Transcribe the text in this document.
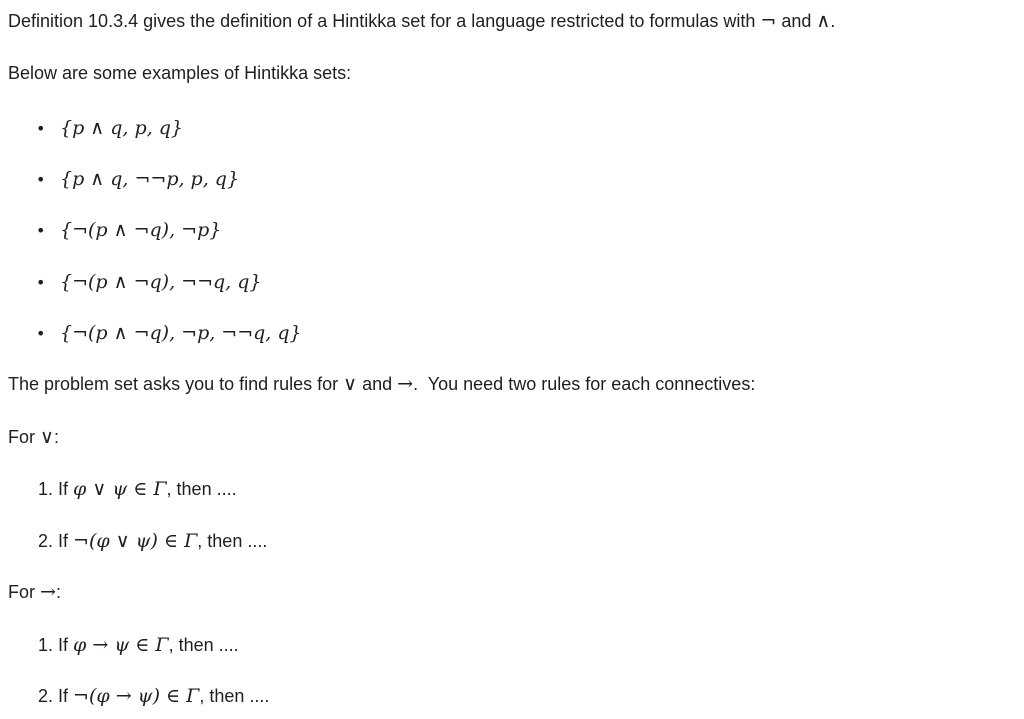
Definition 10.3.4 gives the definition of a Hintikka set for a language restricted to formulas with ¬ and ∧.
Below are some examples of Hintikka sets:
• {p ∧ q, p, q}
• {p ∧ q, ¬¬p, p, q}
• {¬(p ∧ ¬q), ¬p}
• {¬(p ∧ ¬q), ¬¬q, q}
• {¬(p ∧ ¬q), ¬p, ¬¬q, q}
The problem set asks you to find rules for ∨ and →.  You need two rules for each connectives:
For ∨:
1. If φ ∨ ψ ∈ Γ, then ....
2. If ¬(φ ∨ ψ) ∈ Γ, then ....
For →:
1. If φ → ψ ∈ Γ, then ....
2. If ¬(φ → ψ) ∈ Γ, then ....
